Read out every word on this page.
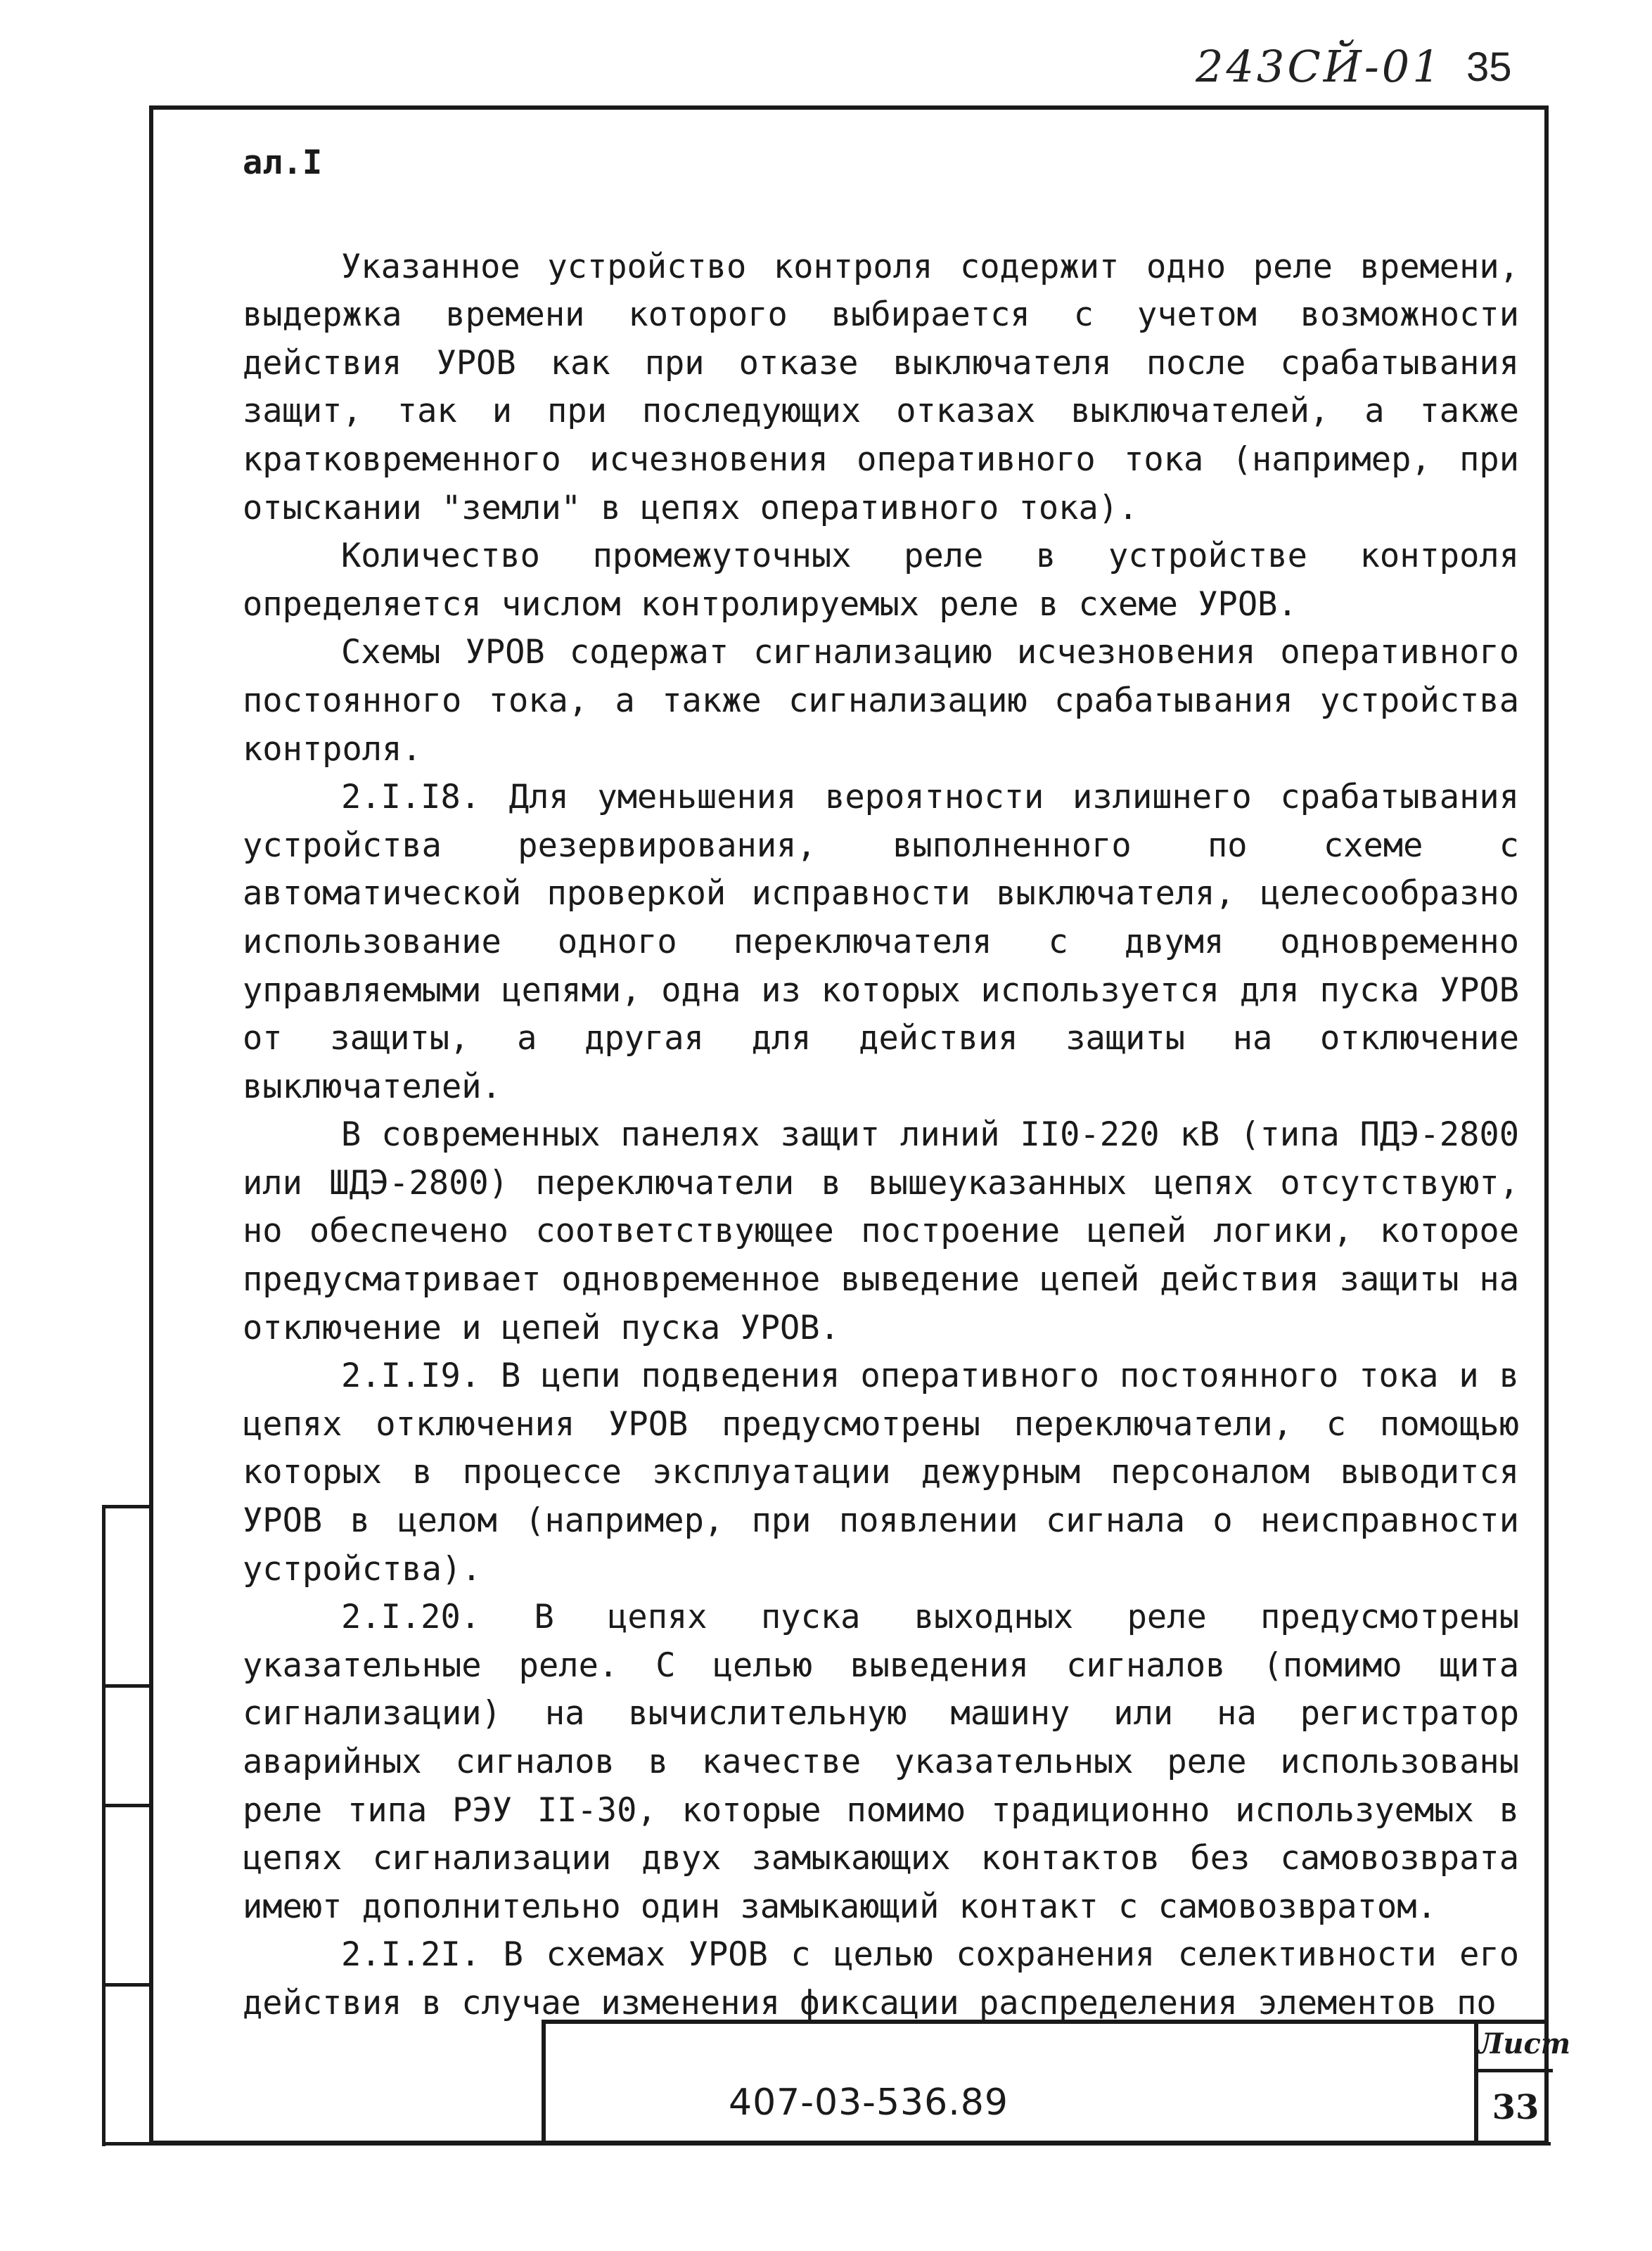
243СЙ-01 35
ал.I

Указанное устройство контроля содержит одно реле времени, выдержка времени которого выбирается с учетом возможности действия УРОВ как при отказе выключателя после срабатывания защит, так и при последующих отказах выключателей, а также кратковременного исчезновения оперативного тока (например, при отыскании "земли" в цепях оперативного тока).

Количество промежуточных реле в устройстве контроля определяется числом контролируемых реле в схеме УРОВ.

Схемы УРОВ содержат сигнализацию исчезновения оперативного постоянного тока, а также сигнализацию срабатывания устройства контроля.

2.I.I8. Для уменьшения вероятности излишнего срабатывания устройства резервирования, выполненного по схеме с автоматической проверкой исправности выключателя, целесообразно использование одного переключателя с двумя одновременно управляемыми цепями, одна из которых используется для пуска УРОВ от защиты, а другая для действия защиты на отключение выключателей.

В современных панелях защит линий II0-220 кВ (типа ПДЭ-2800 или ШДЭ-2800) переключатели в вышеуказанных цепях отсутствуют, но обеспечено соответствующее построение цепей логики, которое предусматривает одновременное выведение цепей действия защиты на отключение и цепей пуска УРОВ.

2.I.I9. В цепи подведения оперативного постоянного тока и в цепях отключения УРОВ предусмотрены переключатели, с помощью которых в процессе эксплуатации дежурным персоналом выводится УРОВ в целом (например, при появлении сигнала о неисправности устройства).

2.I.20. В цепях пуска выходных реле предусмотрены указательные реле. С целью выведения сигналов (помимо щита сигнализации) на вычислительную машину или на регистратор аварийных сигналов в качестве указательных реле использованы реле типа РЭУ II-30, которые помимо традиционно используемых в цепях сигнализации двух замыкающих контактов без самовозврата имеют дополнительно один замыкающий контакт с самовозвратом.

2.I.2I. В схемах УРОВ с целью сохранения селективности его действия в случае изменения фиксации распределения элементов по

407-03-536.89
Лист
33
